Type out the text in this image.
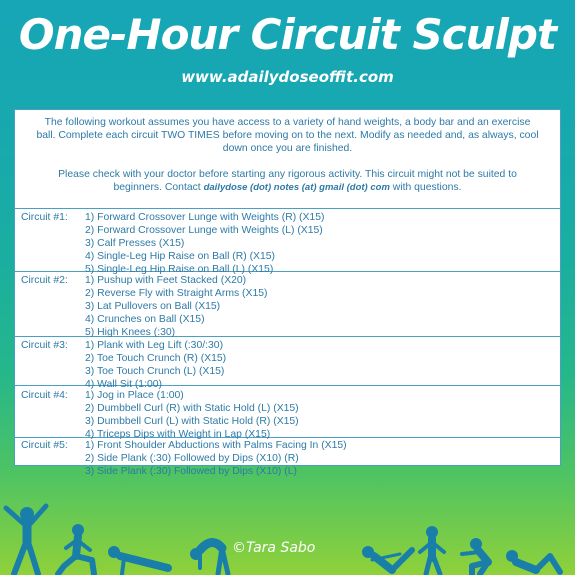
One-Hour Circuit Sculpt
www.adailydoseoffit.com

The following workout assumes you have access to a variety of hand weights, a body bar and an exercise ball. Complete each circuit TWO TIMES before moving on to the next. Modify as needed and, as always, cool down once you are finished.

Please check with your doctor before starting any rigorous activity. This circuit might not be suited to beginners. Contact dailydose (dot) notes (at) gmail (dot) com with questions.

Circuit #1:	1) Forward Crossover Lunge with Weights (R) (X15)
2) Forward Crossover Lunge with Weights (L) (X15)
3) Calf Presses (X15)
4) Single-Leg Hip Raise on Ball (R) (X15)
5) Single-Leg Hip Raise on Ball (L) (X15)
Circuit #2:	1) Pushup with Feet Stacked (X20)
2) Reverse Fly with Straight Arms (X15)
3) Lat Pullovers on Ball (X15)
4) Crunches on Ball (X15)
5) High Knees (:30)
Circuit #3:	1) Plank with Leg Lift (:30/:30)
2) Toe Touch Crunch (R) (X15)
3) Toe Touch Crunch (L) (X15)
4) Wall Sit (1:00)
Circuit #4:	1) Jog in Place (1:00)
2) Dumbbell Curl (R) with Static Hold (L) (X15)
3) Dumbbell Curl (L) with Static Hold (R) (X15)
4) Triceps Dips with Weight in Lap (X15)
Circuit #5:	1) Front Shoulder Abductions with Palms Facing In (X15)
2) Side Plank (:30) Followed by Dips (X10) (R)
3) Side Plank (:30) Followed by Dips (X10) (L)
©Tara Sabo
